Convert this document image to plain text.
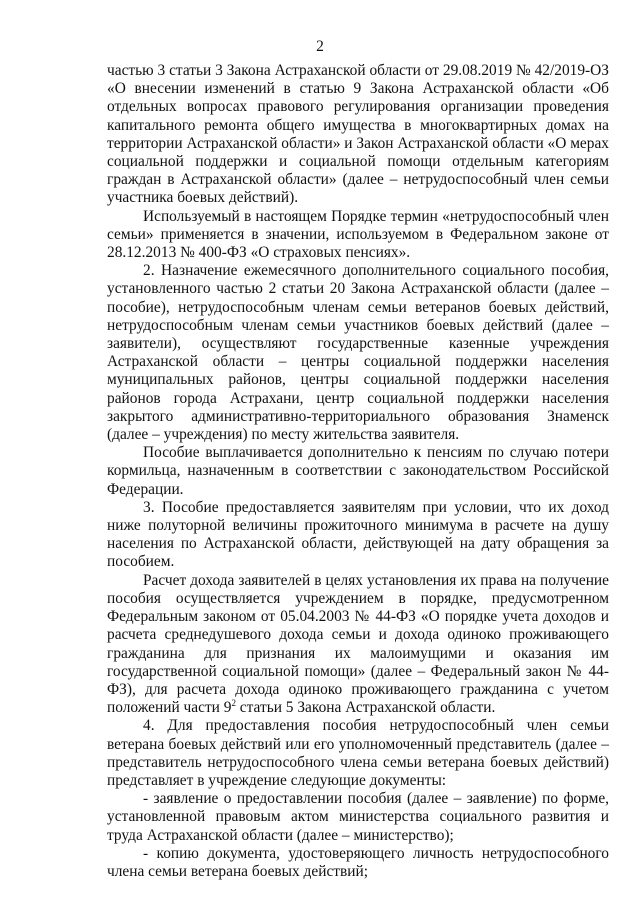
2

частью 3 статьи 3 Закона Астраханской области от 29.08.2019 № 42/2019-ОЗ «О внесении изменений в статью 9 Закона Астраханской области «Об отдельных вопросах правового регулирования организации проведения капитального ремонта общего имущества в многоквартирных домах на территории Астраханской области» и Закон Астраханской области «О мерах социальной поддержки и социальной помощи отдельным категориям граждан в Астраханской области» (далее – нетрудоспособный член семьи участника боевых действий).

Используемый в настоящем Порядке термин «нетрудоспособный член семьи» применяется в значении, используемом в Федеральном законе от 28.12.2013 № 400-ФЗ «О страховых пенсиях».

2. Назначение ежемесячного дополнительного социального пособия, установленного частью 2 статьи 20 Закона Астраханской области (далее – пособие), нетрудоспособным членам семьи ветеранов боевых действий, нетрудоспособным членам семьи участников боевых действий (далее – заявители), осуществляют государственные казенные учреждения Астраханской области – центры социальной поддержки населения муниципальных районов, центры социальной поддержки населения районов города Астрахани, центр социальной поддержки населения закрытого административно-территориального образования Знаменск (далее – учреждения) по месту жительства заявителя.

Пособие выплачивается дополнительно к пенсиям по случаю потери кормильца, назначенным в соответствии с законодательством Российской Федерации.

3. Пособие предоставляется заявителям при условии, что их доход ниже полуторной величины прожиточного минимума в расчете на душу населения по Астраханской области, действующей на дату обращения за пособием.

Расчет дохода заявителей в целях установления их права на получение пособия осуществляется учреждением в порядке, предусмотренном Федеральным законом от 05.04.2003 № 44-ФЗ «О порядке учета доходов и расчета среднедушевого дохода семьи и дохода одиноко проживающего гражданина для признания их малоимущими и оказания им государственной социальной помощи» (далее – Федеральный закон № 44-ФЗ), для расчета дохода одиноко проживающего гражданина с учетом положений части $9^2$ статьи 5 Закона Астраханской области.

4. Для предоставления пособия нетрудоспособный член семьи ветерана боевых действий или его уполномоченный представитель (далее – представитель нетрудоспособного члена семьи ветерана боевых действий) представляет в учреждение следующие документы:

- заявление о предоставлении пособия (далее – заявление) по форме, установленной правовым актом министерства социального развития и труда Астраханской области (далее – министерство);

- копию документа, удостоверяющего личность нетрудоспособного члена семьи ветерана боевых действий;
